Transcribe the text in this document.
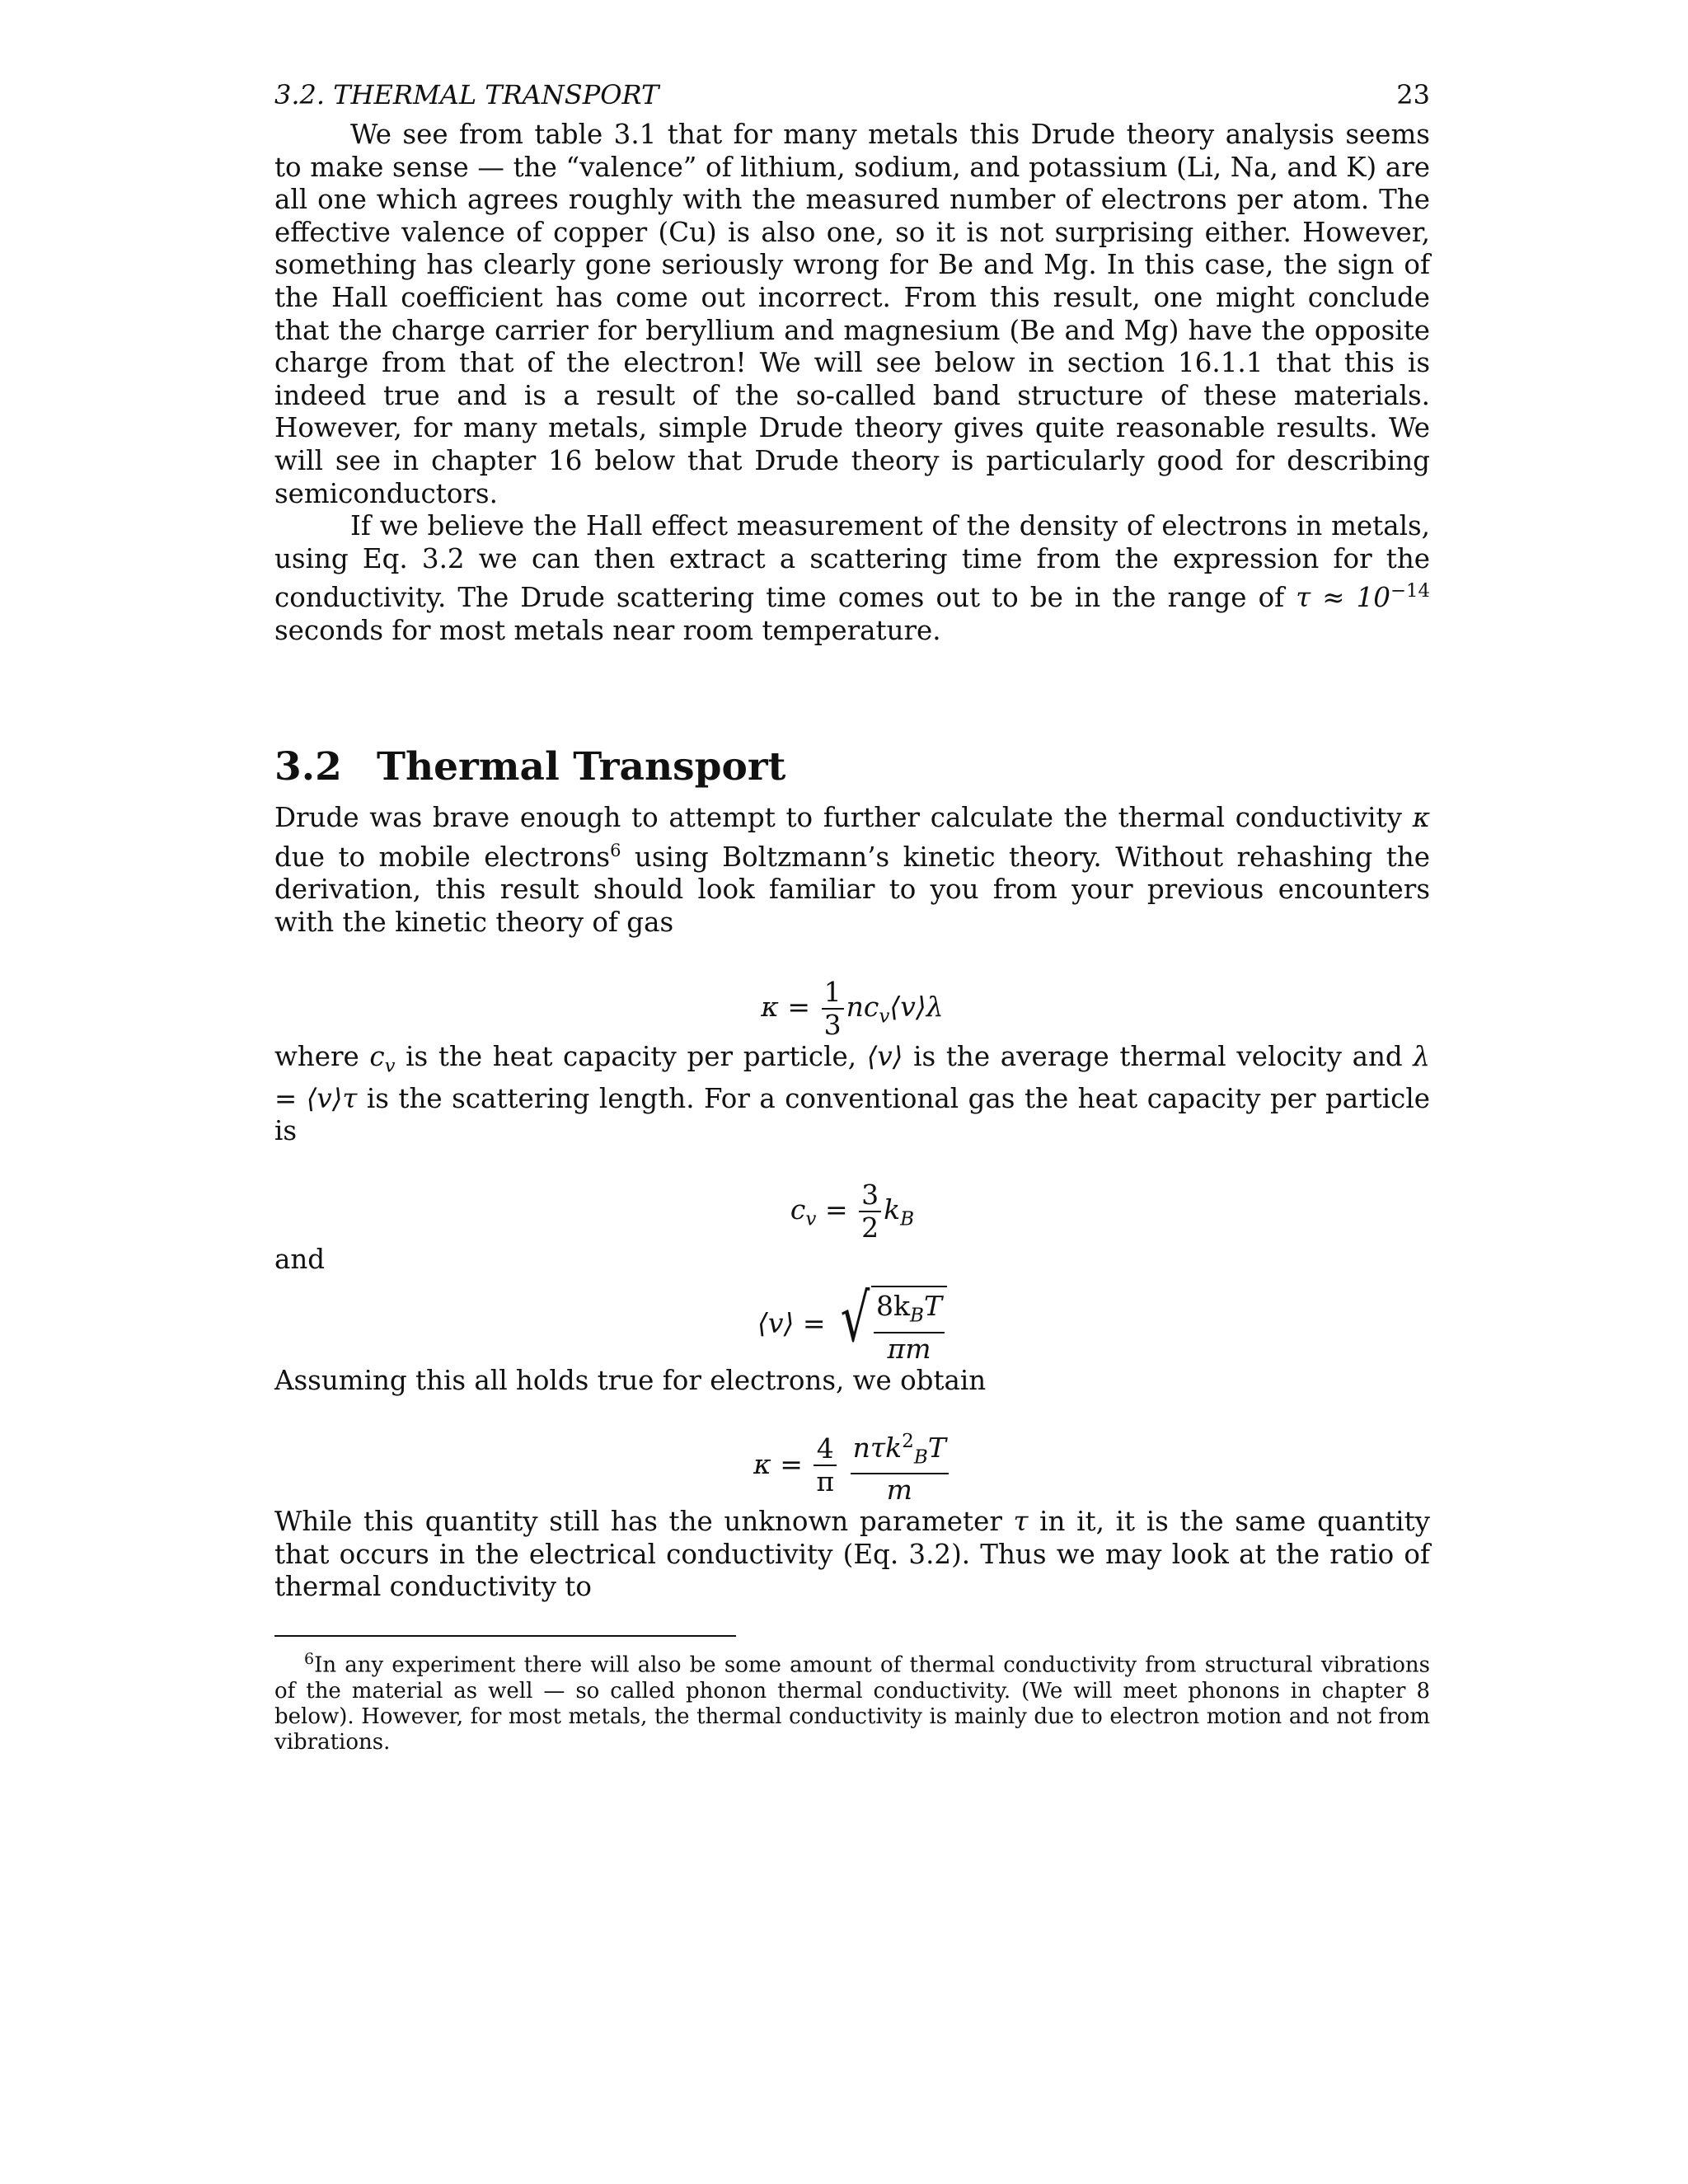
3.2. THERMAL TRANSPORT	23

We see from table 3.1 that for many metals this Drude theory analysis seems to make sense — the “valence” of lithium, sodium, and potassium (Li, Na, and K) are all one which agrees roughly with the measured number of electrons per atom. The effective valence of copper (Cu) is also one, so it is not surprising either. However, something has clearly gone seriously wrong for Be and Mg. In this case, the sign of the Hall coefficient has come out incorrect. From this result, one might conclude that the charge carrier for beryllium and magnesium (Be and Mg) have the opposite charge from that of the electron! We will see below in section 16.1.1 that this is indeed true and is a result of the so-called band structure of these materials. However, for many metals, simple Drude theory gives quite reasonable results. We will see in chapter 16 below that Drude theory is particularly good for describing semiconductors.

If we believe the Hall effect measurement of the density of electrons in metals, using Eq. 3.2 we can then extract a scattering time from the expression for the conductivity. The Drude scattering time comes out to be in the range of $\tau \approx 10^{-14}$ seconds for most metals near room temperature.

3.2 Thermal Transport

Drude was brave enough to attempt to further calculate the thermal conductivity κ due to mobile electrons$^6$ using Boltzmann’s kinetic theory. Without rehashing the derivation, this result should look familiar to you from your previous encounters with the kinetic theory of gas

$\kappa = \frac{1}{3}$ $nc_v⟨v⟩\lambda$

where $c_v$ is the heat capacity per particle, ⟨v⟩ is the average thermal velocity and λ = ⟨v⟩τ is the scattering length. For a conventional gas the heat capacity per particle is

$c_v = \frac{3}{2} k_B$

and

⟨v⟩ = √ $\frac{8k_BT}{\pi m}$

Assuming this all holds true for electrons, we obtain

$\kappa = \frac{4}{\pi}$
$\frac{n\tau k^2_BT}{m}$

While this quantity still has the unknown parameter τ in it, it is the same quantity that occurs in the electrical conductivity (Eq. 3.2). Thus we may look at the ratio of thermal conductivity to

$^6$In any experiment there will also be some amount of thermal conductivity from structural vibrations of the material as well — so called phonon thermal conductivity. (We will meet phonons in chapter 8 below). However, for most metals, the thermal conductivity is mainly due to electron motion and not from vibrations.
